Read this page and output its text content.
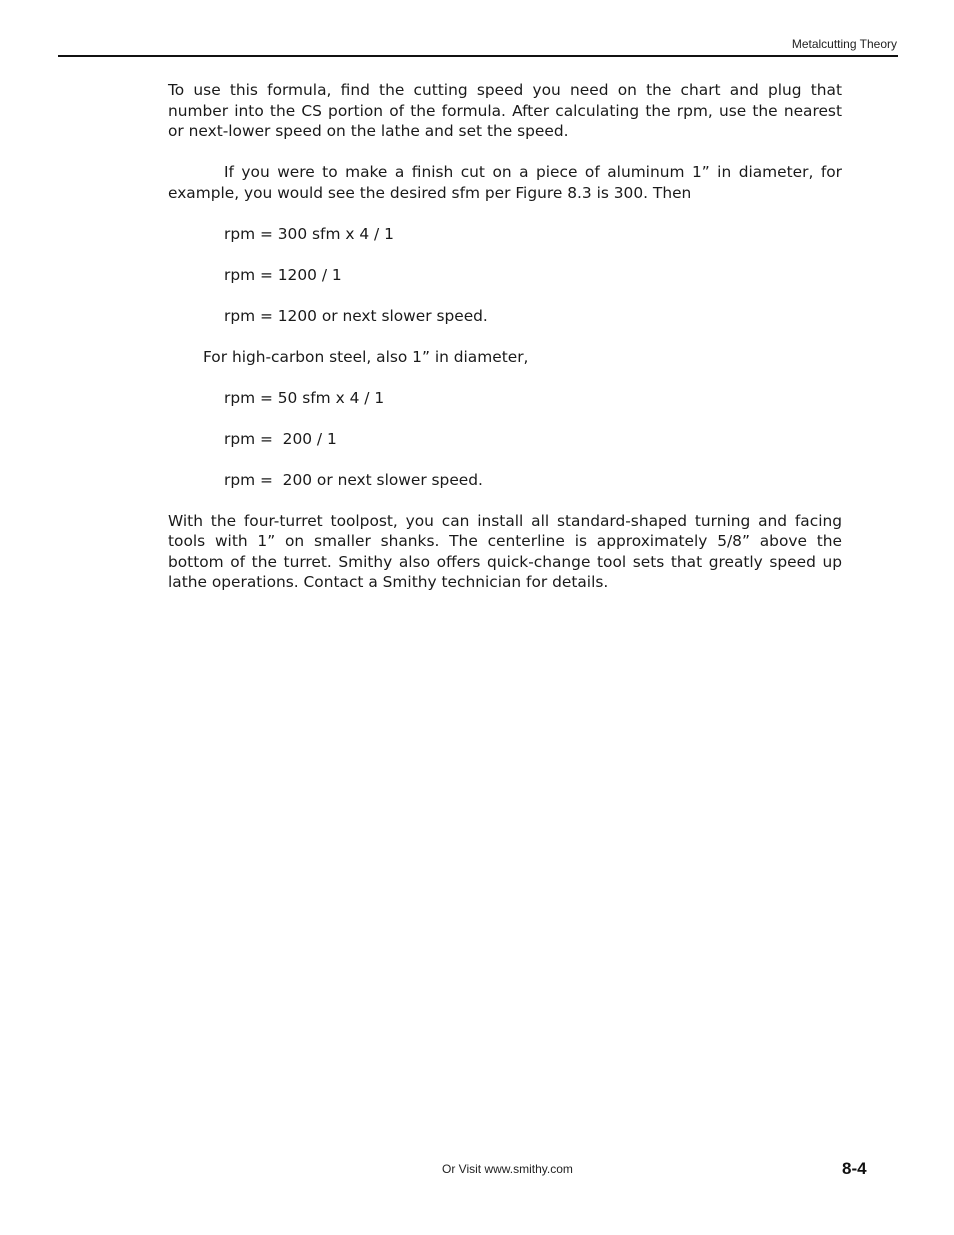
Metalcutting Theory

To use this formula, find the cutting speed you need on the chart and plug that number into the CS portion of the formula. After calculating the rpm, use the nearest or next-lower speed on the lathe and set the speed.

If you were to make a finish cut on a piece of aluminum 1” in diameter, for example, you would see the desired sfm per Figure 8.3 is 300. Then

rpm = 300 sfm x 4 / 1

rpm = 1200 / 1

rpm = 1200 or next slower speed.

For high-carbon steel, also 1” in diameter,

rpm = 50 sfm x 4 / 1

rpm =  200 / 1

rpm =  200 or next slower speed.

With the four-turret toolpost, you can install all standard-shaped turning and facing tools with 1” on smaller shanks. The centerline is approximately 5/8” above the bottom of the turret. Smithy also offers quick-change tool sets that greatly speed up lathe operations. Contact a Smithy technician for details.

Or Visit www.smithy.com	8-4
